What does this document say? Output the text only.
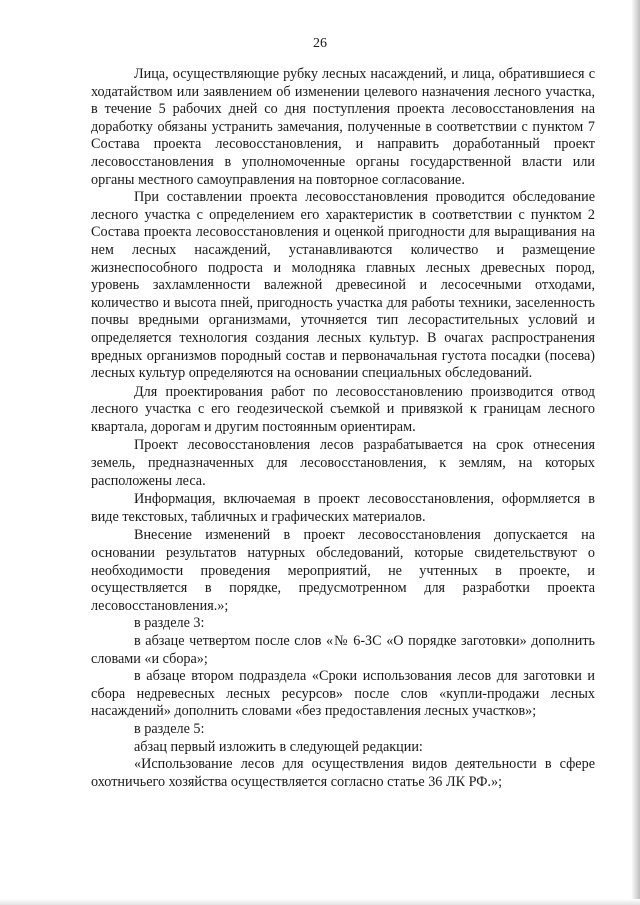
26

Лица, осуществляющие рубку лесных насаждений, и лица, обратившиеся с ходатайством или заявлением об изменении целевого назначения лесного участка, в течение 5 рабочих дней со дня поступления проекта лесовосстановления на доработку обязаны устранить замечания, полученные в соответствии с пунктом 7 Состава проекта лесовосстановления, и направить доработанный проект лесовосстановления в уполномоченные органы государственной власти или органы местного самоуправления на повторное согласование.

При составлении проекта лесовосстановления проводится обследование лесного участка с определением его характеристик в соответствии с пунктом 2 Состава проекта лесовосстановления и оценкой пригодности для выращивания на нем лесных насаждений, устанавливаются количество и размещение жизнеспособного подроста и молодняка главных лесных древесных пород, уровень захламленности валежной древесиной и лесосечными отходами, количество и высота пней, пригодность участка для работы техники, заселенность почвы вредными организмами, уточняется тип лесорастительных условий и определяется технология создания лесных культур. В очагах распространения вредных организмов породный состав и первоначальная густота посадки (посева) лесных культур определяются на основании специальных обследований.

Для проектирования работ по лесовосстановлению производится отвод лесного участка с его геодезической съемкой и привязкой к границам лесного квартала, дорогам и другим постоянным ориентирам.

Проект лесовосстановления лесов разрабатывается на срок отнесения земель, предназначенных для лесовосстановления, к землям, на которых расположены леса.

Информация, включаемая в проект лесовосстановления, оформляется в виде текстовых, табличных и графических материалов.

Внесение изменений в проект лесовосстановления допускается на основании результатов натурных обследований, которые свидетельствуют о необходимости проведения мероприятий, не учтенных в проекте, и осуществляется в порядке, предусмотренном для разработки проекта лесовосстановления.»;

в разделе 3:

в абзаце четвертом после слов «№ 6-ЗС «О порядке заготовки» дополнить словами «и сбора»;

в абзаце втором подраздела «Сроки использования лесов для заготовки и сбора недревесных лесных ресурсов» после слов «купли-продажи лесных насаждений» дополнить словами «без предоставления лесных участков»;

в разделе 5:

абзац первый изложить в следующей редакции:

«Использование лесов для осуществления видов деятельности в сфере охотничьего хозяйства осуществляется согласно статье 36 ЛК РФ.»;
